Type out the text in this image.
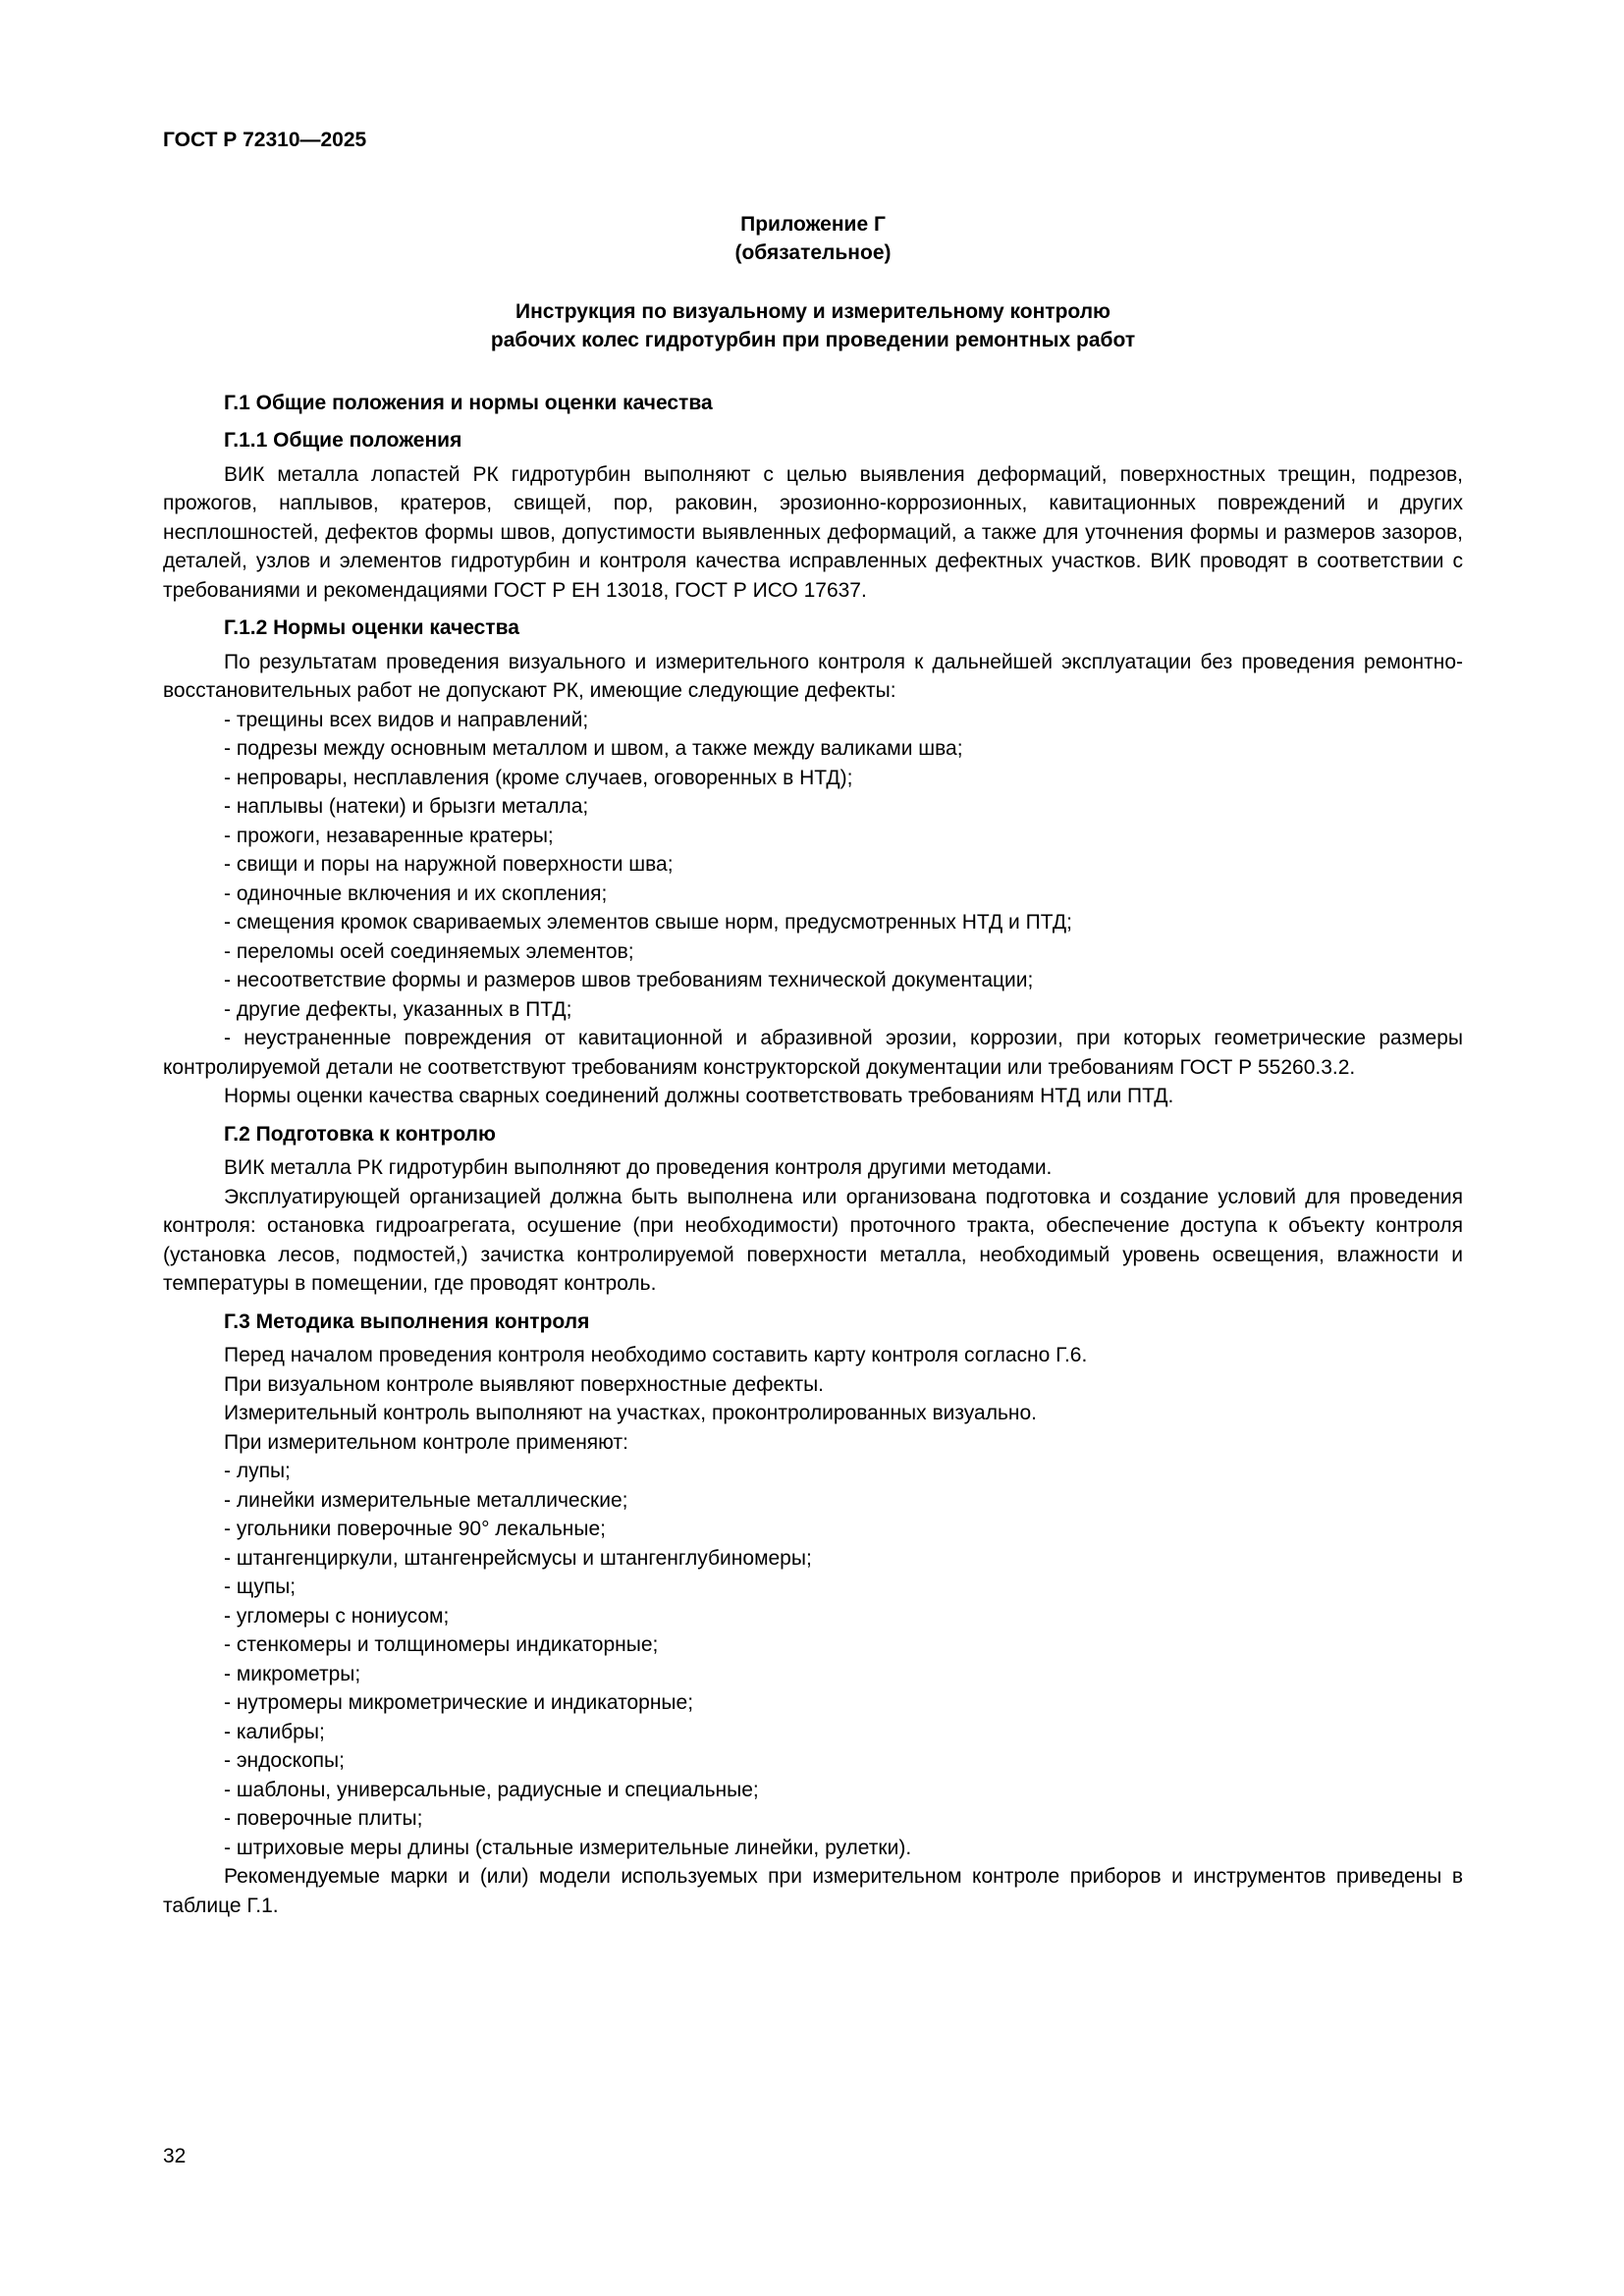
ГОСТ Р 72310—2025
Приложение Г
(обязательное)
Инструкция по визуальному и измерительному контролю
рабочих колес гидротурбин при проведении ремонтных работ
Г.1 Общие положения и нормы оценки качества
Г.1.1 Общие положения
ВИК металла лопастей РК гидротурбин выполняют с целью выявления деформаций, поверхностных трещин, подрезов, прожогов, наплывов, кратеров, свищей, пор, раковин, эрозионно-коррозионных, кавитационных повреждений и других несплошностей, дефектов формы швов, допустимости выявленных деформаций, а также для уточнения формы и размеров зазоров, деталей, узлов и элементов гидротурбин и контроля качества исправленных дефектных участков. ВИК проводят в соответствии с требованиями и рекомендациями ГОСТ Р ЕН 13018, ГОСТ Р ИСО 17637.
Г.1.2 Нормы оценки качества
По результатам проведения визуального и измерительного контроля к дальнейшей эксплуатации без проведения ремонтно-восстановительных работ не допускают РК, имеющие следующие дефекты:
- трещины всех видов и направлений;
- подрезы между основным металлом и швом, а также между валиками шва;
- непровары, несплавления (кроме случаев, оговоренных в НТД);
- наплывы (натеки) и брызги металла;
- прожоги, незаваренные кратеры;
- свищи и поры на наружной поверхности шва;
- одиночные включения и их скопления;
- смещения кромок свариваемых элементов свыше норм, предусмотренных НТД и ПТД;
- переломы осей соединяемых элементов;
- несоответствие формы и размеров швов требованиям технической документации;
- другие дефекты, указанных в ПТД;
- неустраненные повреждения от кавитационной и абразивной эрозии, коррозии, при которых геометрические размеры контролируемой детали не соответствуют требованиям конструкторской документации или требованиям ГОСТ Р 55260.3.2.
Нормы оценки качества сварных соединений должны соответствовать требованиям НТД или ПТД.
Г.2 Подготовка к контролю
ВИК металла РК гидротурбин выполняют до проведения контроля другими методами.
Эксплуатирующей организацией должна быть выполнена или организована подготовка и создание условий для проведения контроля: остановка гидроагрегата, осушение (при необходимости) проточного тракта, обеспечение доступа к объекту контроля (установка лесов, подмостей,) зачистка контролируемой поверхности металла, необходимый уровень освещения, влажности и температуры в помещении, где проводят контроль.
Г.3 Методика выполнения контроля
Перед началом проведения контроля необходимо составить карту контроля согласно Г.6.
При визуальном контроле выявляют поверхностные дефекты.
Измерительный контроль выполняют на участках, проконтролированных визуально.
При измерительном контроле применяют:
- лупы;
- линейки измерительные металлические;
- угольники поверочные 90° лекальные;
- штангенциркули, штангенрейсмусы и штангенглубиномеры;
- щупы;
- угломеры с нониусом;
- стенкомеры и толщиномеры индикаторные;
- микрометры;
- нутромеры микрометрические и индикаторные;
- калибры;
- эндоскопы;
- шаблоны, универсальные, радиусные и специальные;
- поверочные плиты;
- штриховые меры длины (стальные измерительные линейки, рулетки).
Рекомендуемые марки и (или) модели используемых при измерительном контроле приборов и инструментов приведены в таблице Г.1.
32
